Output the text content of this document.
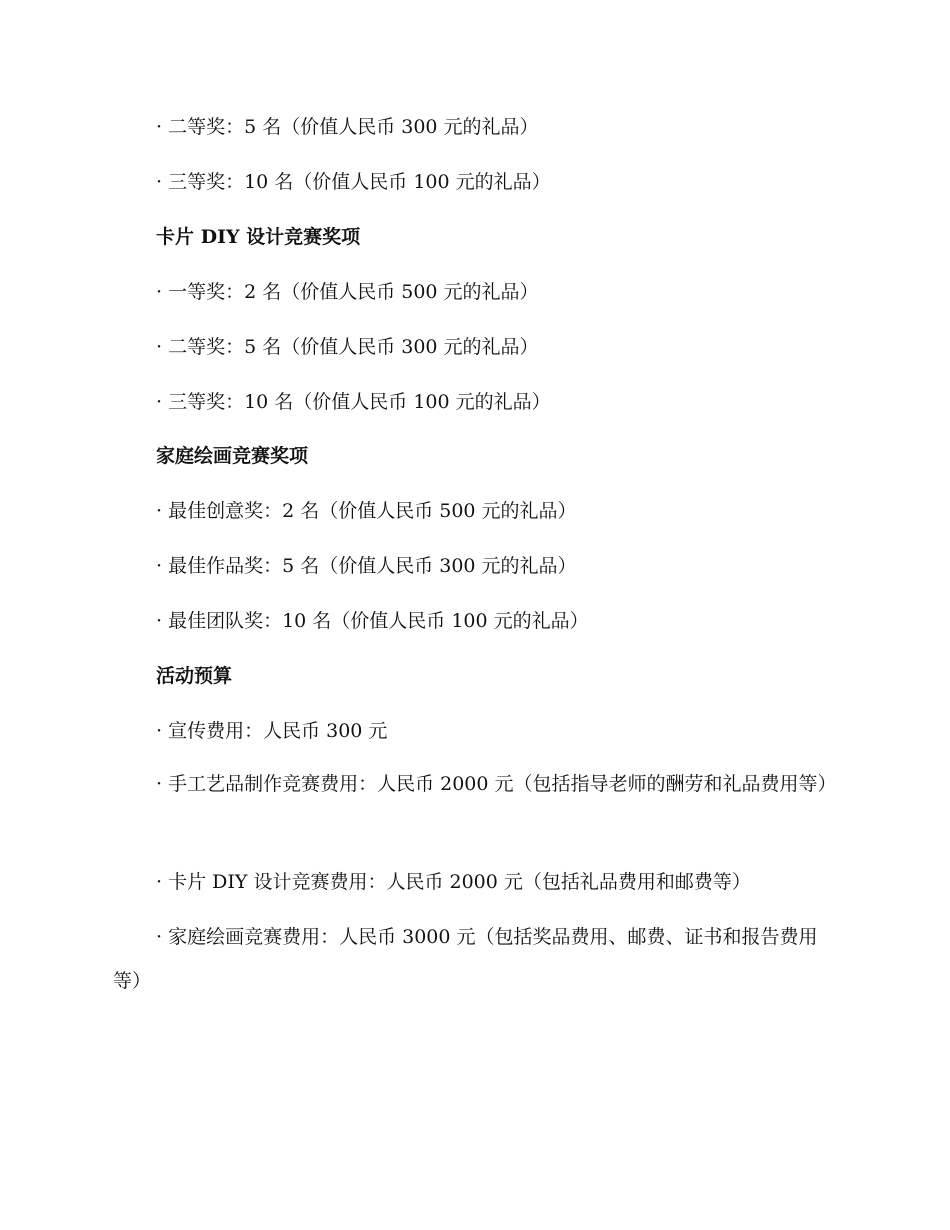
· 二等奖：5 名（价值人民币 300 元的礼品）
· 三等奖：10 名（价值人民币 100 元的礼品）
卡片 DIY 设计竞赛奖项
· 一等奖：2 名（价值人民币 500 元的礼品）
· 二等奖：5 名（价值人民币 300 元的礼品）
· 三等奖：10 名（价值人民币 100 元的礼品）
家庭绘画竞赛奖项
· 最佳创意奖：2 名（价值人民币 500 元的礼品）
· 最佳作品奖：5 名（价值人民币 300 元的礼品）
· 最佳团队奖：10 名（价值人民币 100 元的礼品）
活动预算
· 宣传费用：人民币 300 元
· 手工艺品制作竞赛费用：人民币 2000 元（包括指导老师的酬劳和礼品费用等）
· 卡片 DIY 设计竞赛费用：人民币 2000 元（包括礼品费用和邮费等）
· 家庭绘画竞赛费用：人民币 3000 元（包括奖品费用、邮费、证书和报告费用等）
